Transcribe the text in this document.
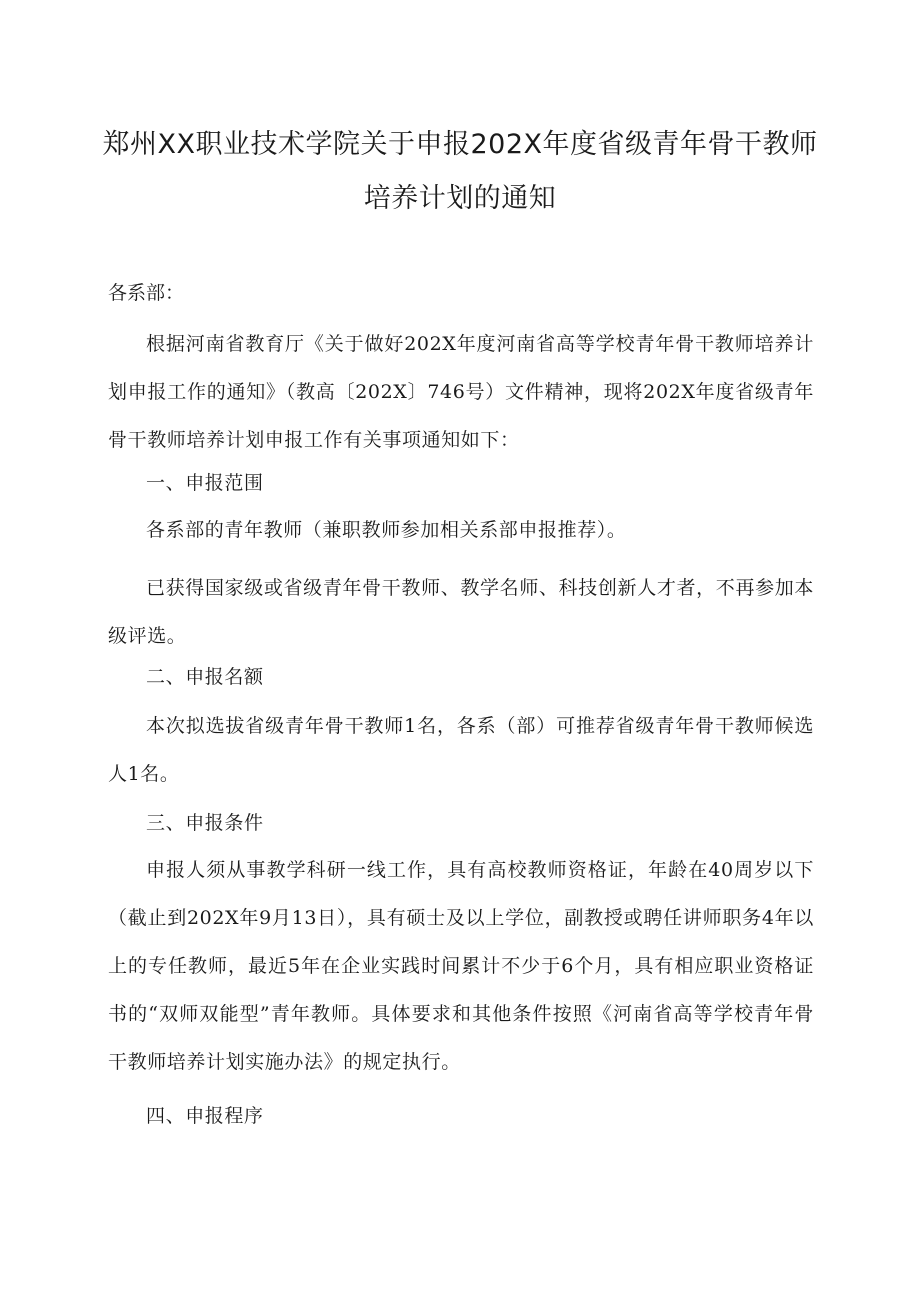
郑州XX职业技术学院关于申报202X年度省级青年骨干教师培养计划的通知

各系部：

根据河南省教育厅《关于做好202X年度河南省高等学校青年骨干教师培养计划申报工作的通知》（教高〔202X〕746号）文件精神，现将202X年度省级青年骨干教师培养计划申报工作有关事项通知如下：

一、申报范围

各系部的青年教师（兼职教师参加相关系部申报推荐）。

已获得国家级或省级青年骨干教师、教学名师、科技创新人才者，不再参加本级评选。

二、申报名额

本次拟选拔省级青年骨干教师1名，各系（部）可推荐省级青年骨干教师候选人1名。

三、申报条件

申报人须从事教学科研一线工作，具有高校教师资格证，年龄在40周岁以下（截止到202X年9月13日），具有硕士及以上学位，副教授或聘任讲师职务4年以上的专任教师，最近5年在企业实践时间累计不少于6个月，具有相应职业资格证书的“双师双能型”青年教师。具体要求和其他条件按照《河南省高等学校青年骨干教师培养计划实施办法》的规定执行。

四、申报程序
